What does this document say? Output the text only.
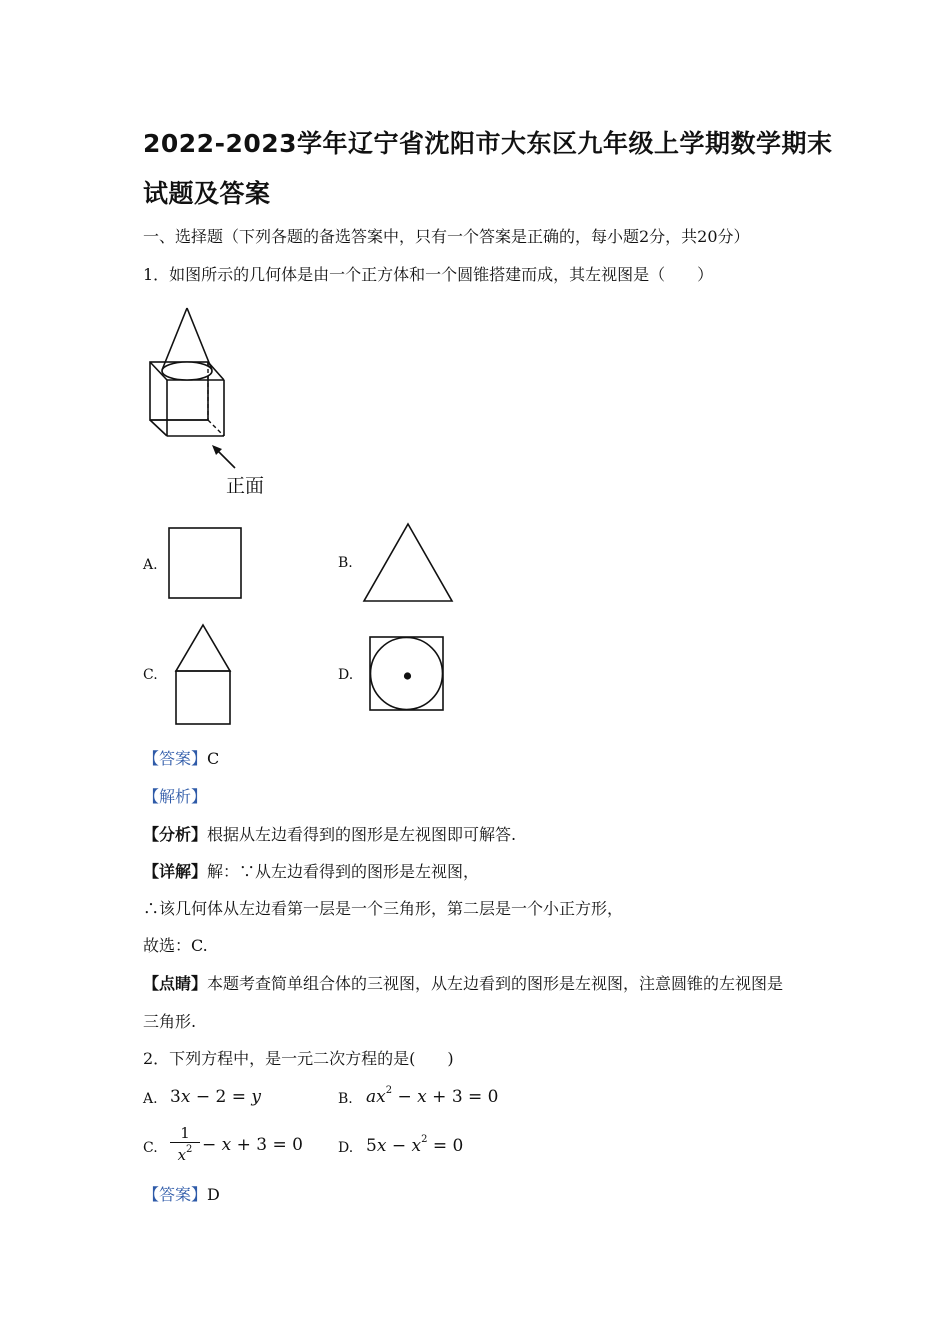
2022-2023学年辽宁省沈阳市大东区九年级上学期数学期末
试题及答案
一、选择题（下列各题的备选答案中，只有一个答案是正确的，每小题2分，共20分）
1．如图所示的几何体是由一个正方体和一个圆锥搭建而成，其左视图是（　　）
正面
A.	B.
C.	D.
【答案】C
【解析】
【分析】根据从左边看得到的图形是左视图即可解答.
【详解】解：∵从左边看得到的图形是左视图，
∴该几何体从左边看第一层是一个三角形，第二层是一个小正方形，
故选：C.
【点睛】本题考查简单组合体的三视图，从左边看到的图形是左视图，注意圆锥的左视图是
三角形.
2．下列方程中，是一元二次方程的是(　　)
A. 3x − 2 = y	B. $ax^2 - x + 3 = 0$
C.
1
$x^2 - x + 3 = 0$	D. $5x - x^2 = 0$
【答案】D
